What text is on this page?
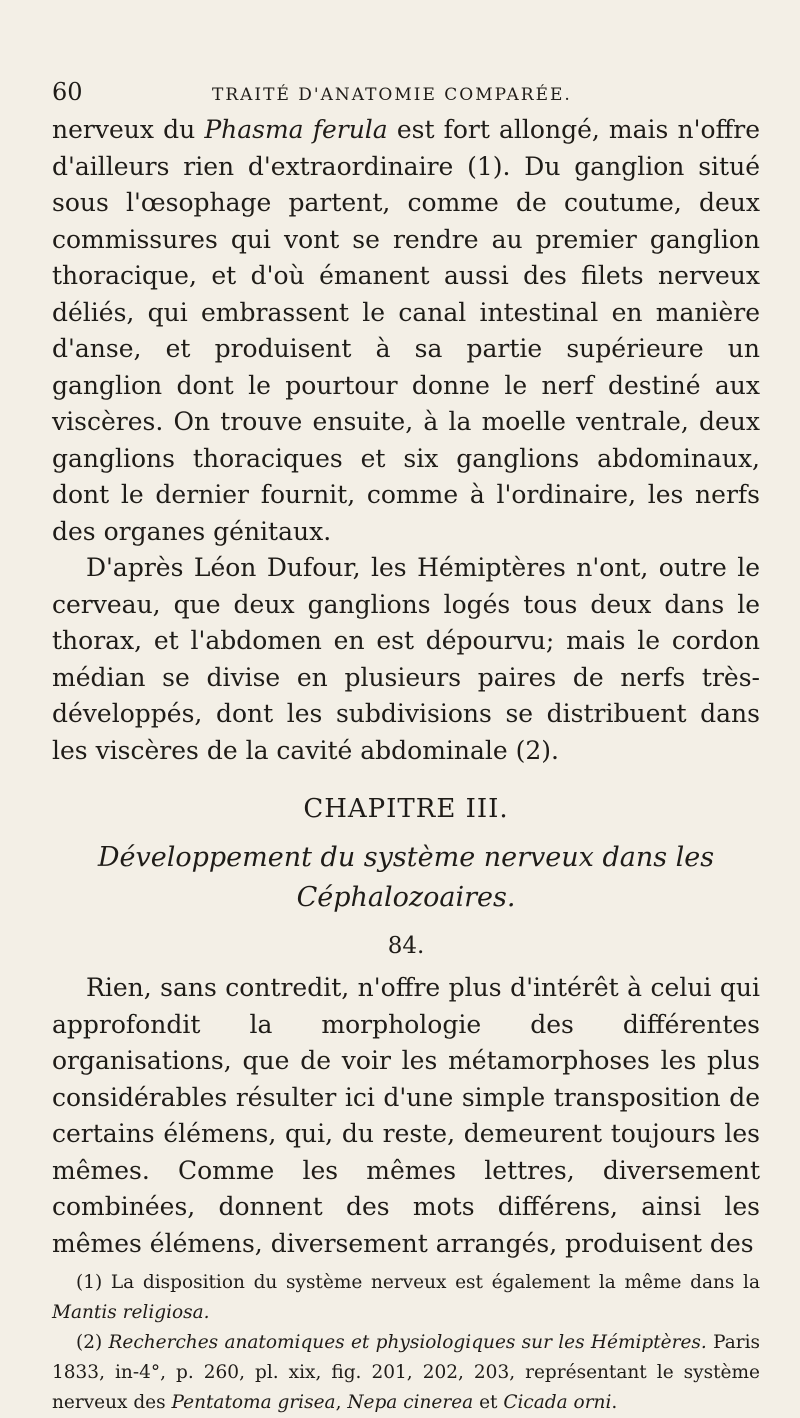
60	TRAITÉ D'ANATOMIE COMPARÉE.

nerveux du Phasma ferula est fort allongé, mais n'offre d'ailleurs rien d'extraordinaire (1). Du ganglion situé sous l'œsophage partent, comme de coutume, deux commissures qui vont se rendre au premier ganglion thoracique, et d'où émanent aussi des filets nerveux déliés, qui embrassent le canal intestinal en manière d'anse, et produisent à sa partie supérieure un ganglion dont le pourtour donne le nerf destiné aux viscères. On trouve ensuite, à la moelle ventrale, deux ganglions thoraciques et six ganglions abdominaux, dont le dernier fournit, comme à l'ordinaire, les nerfs des organes génitaux.

D'après Léon Dufour, les Hémiptères n'ont, outre le cerveau, que deux ganglions logés tous deux dans le thorax, et l'abdomen en est dépourvu; mais le cordon médian se divise en plusieurs paires de nerfs très-développés, dont les subdivisions se distribuent dans les viscères de la cavité abdominale (2).

CHAPITRE III.

Développement du système nerveux dans les
Céphalozoaires.

84.

Rien, sans contredit, n'offre plus d'intérêt à celui qui approfondit la morphologie des différentes organisations, que de voir les métamorphoses les plus considérables résulter ici d'une simple transposition de certains élémens, qui, du reste, demeurent toujours les mêmes. Comme les mêmes lettres, diversement combinées, donnent des mots différens, ainsi les mêmes élémens, diversement arrangés, produisent des

(1) La disposition du système nerveux est également la même dans la Mantis religiosa.

(2) Recherches anatomiques et physiologiques sur les Hémiptères. Paris 1833, in-4°, p. 260, pl. xix, fig. 201, 202, 203, représentant le système nerveux des Pentatoma grisea, Nepa cinerea et Cicada orni.
